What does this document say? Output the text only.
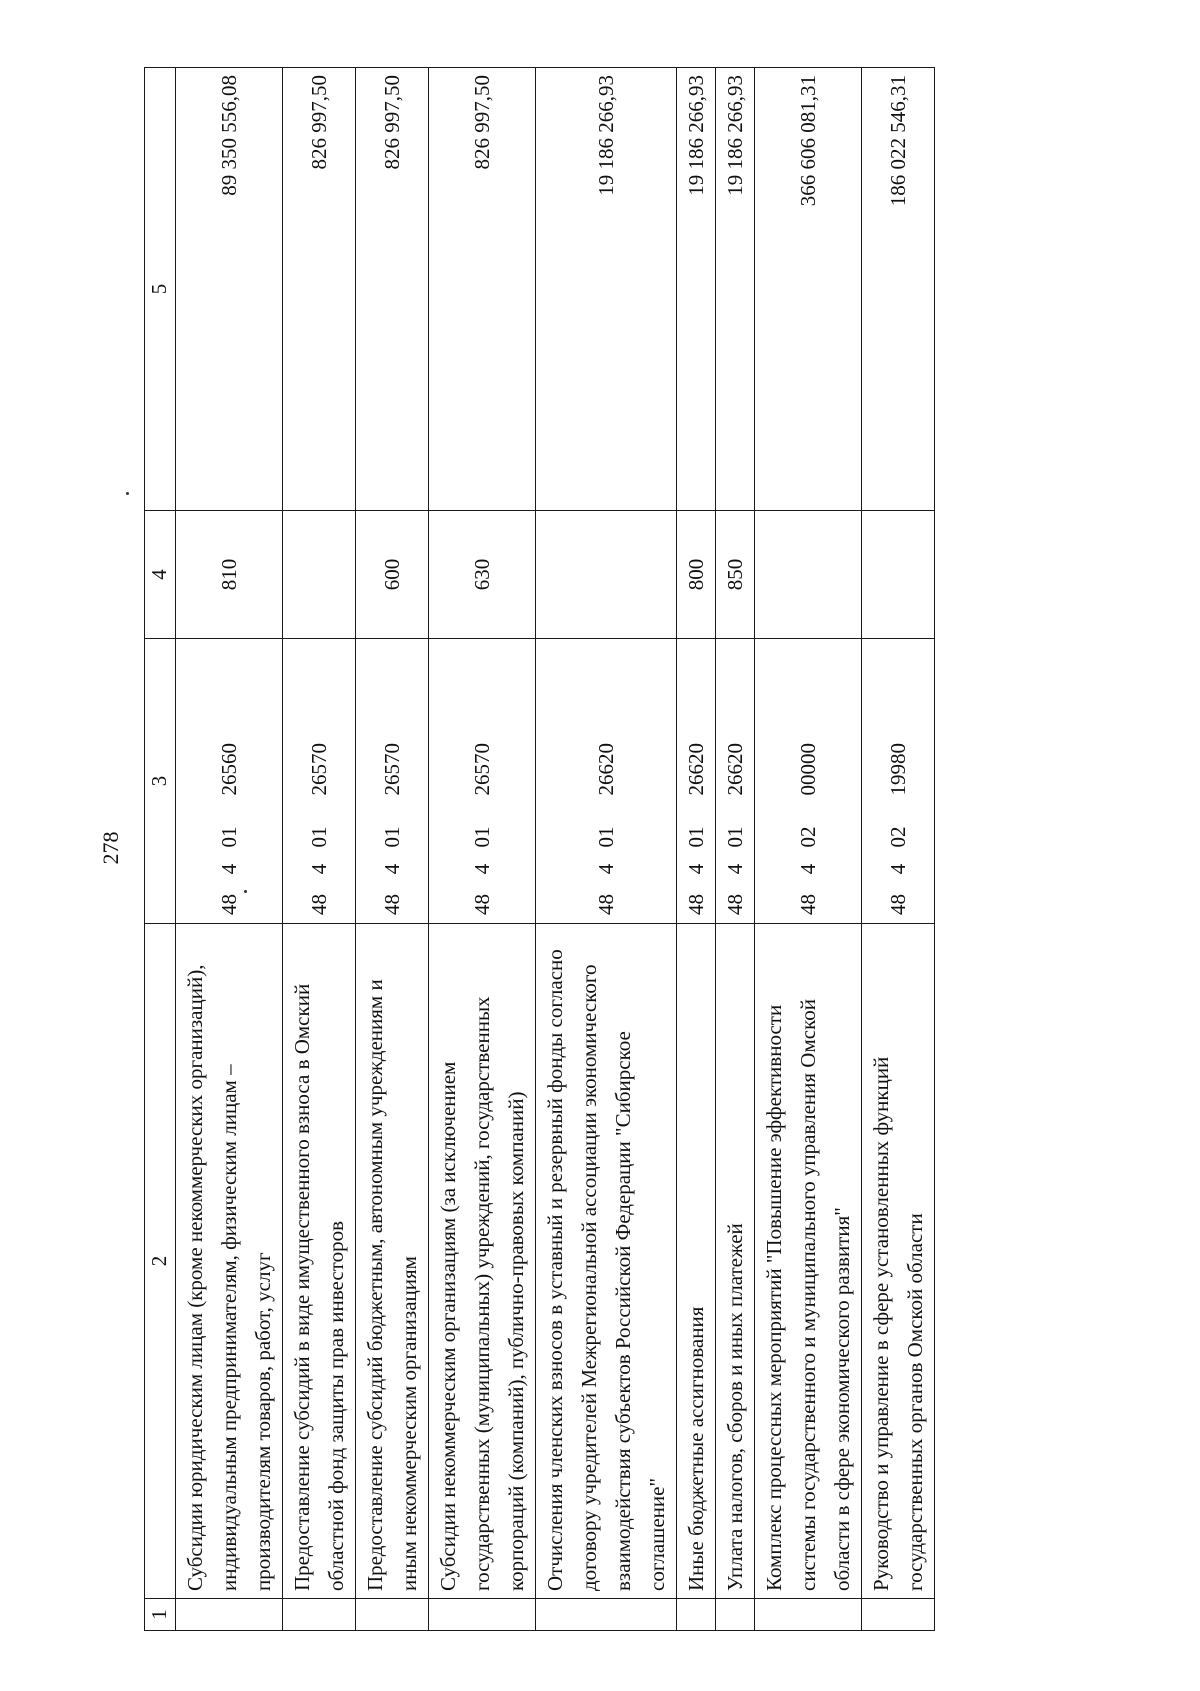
278
1	2	3	4	5
	Субсидии юридическим лицам (кроме некоммерческих организаций), индивидуальным предпринимателям, физическим лицам – производителям товаров, работ, услуг	4840126560	810	89 350 556,08
	Предоставление субсидий в виде имущественного взноса в Омский областной фонд защиты прав инвесторов	4840126570		826 997,50
	Предоставление субсидий бюджетным, автономным учреждениям и иным некоммерческим организациям	4840126570	600	826 997,50
	Субсидии некоммерческим организациям (за исключением государственных (муниципальных) учреждений, государственных корпораций (компаний), публично-правовых компаний)	4840126570	630	826 997,50
	Отчисления членских взносов в уставный и резервный фонды согласно договору учредителей Межрегиональной ассоциации экономического взаимодействия субъектов Российской Федерации "Сибирское соглашение"	4840126620		19 186 266,93
	Иные бюджетные ассигнования	4840126620	800	19 186 266,93
	Уплата налогов, сборов и иных платежей	4840126620	850	19 186 266,93
	Комплекс процессных мероприятий "Повышение эффективности системы государственного и муниципального управления Омской области в сфере экономического развития"	4840200000		366 606 081,31
	Руководство и управление в сфере установленных функций государственных органов Омской области	4840219980		186 022 546,31
